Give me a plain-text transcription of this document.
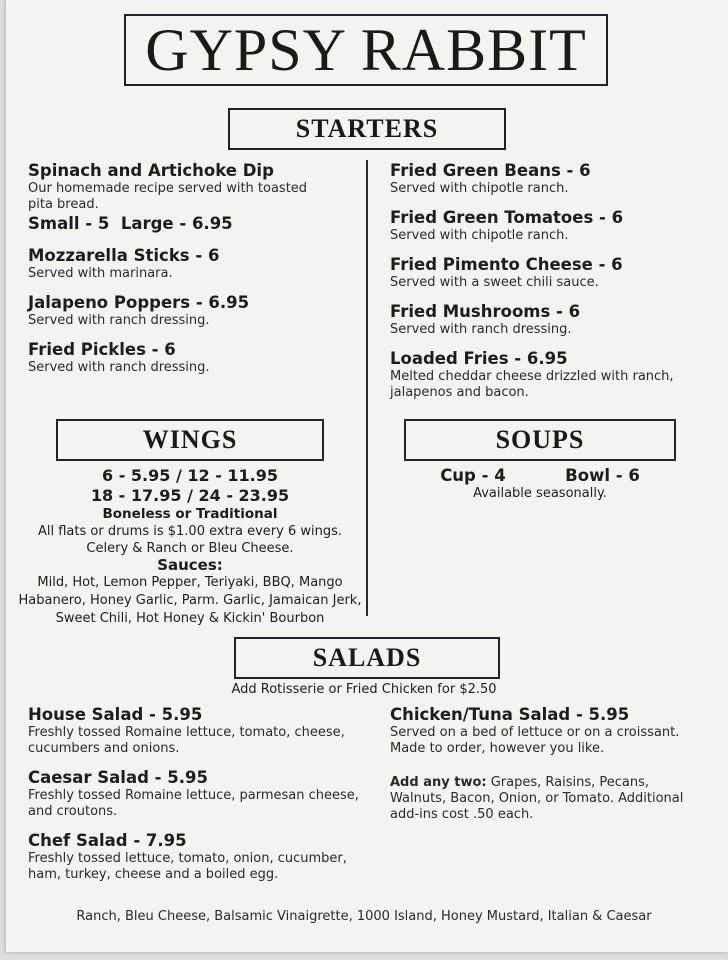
GYPSY RABBIT
STARTERS
Spinach and Artichoke Dip
Our homemade recipe served with toasted pita bread.
Small - 5  Large - 6.95
Mozzarella Sticks - 6
Served with marinara.
Jalapeno Poppers - 6.95
Served with ranch dressing.
Fried Pickles - 6
Served with ranch dressing.
Fried Green Beans - 6
Served with chipotle ranch.
Fried Green Tomatoes - 6
Served with chipotle ranch.
Fried Pimento Cheese - 6
Served with a sweet chili sauce.
Fried Mushrooms - 6
Served with ranch dressing.
Loaded Fries - 6.95
Melted cheddar cheese drizzled with ranch, jalapenos and bacon.
WINGS
6 - 5.95 / 12 - 11.95
18 - 17.95 / 24 - 23.95
Boneless or Traditional
All flats or drums is $1.00 extra every 6 wings.
Celery & Ranch or Bleu Cheese.
Sauces:
Mild, Hot, Lemon Pepper, Teriyaki, BBQ, Mango Habanero, Honey Garlic, Parm. Garlic, Jamaican Jerk, Sweet Chili, Hot Honey & Kickin' Bourbon
SOUPS
Cup - 4	Bowl - 6
Available seasonally.
SALADS
Add Rotisserie or Fried Chicken for $2.50
House Salad - 5.95
Freshly tossed Romaine lettuce, tomato, cheese, cucumbers and onions.
Caesar Salad - 5.95
Freshly tossed Romaine lettuce, parmesan cheese, and croutons.
Chef Salad - 7.95
Freshly tossed lettuce, tomato, onion, cucumber, ham, turkey, cheese and a boiled egg.
Chicken/Tuna Salad - 5.95
Served on a bed of lettuce or on a croissant. Made to order, however you like.
Add any two: Grapes, Raisins, Pecans, Walnuts, Bacon, Onion, or Tomato. Additional add-ins cost .50 each.
Ranch, Bleu Cheese, Balsamic Vinaigrette, 1000 Island, Honey Mustard, Italian & Caesar
